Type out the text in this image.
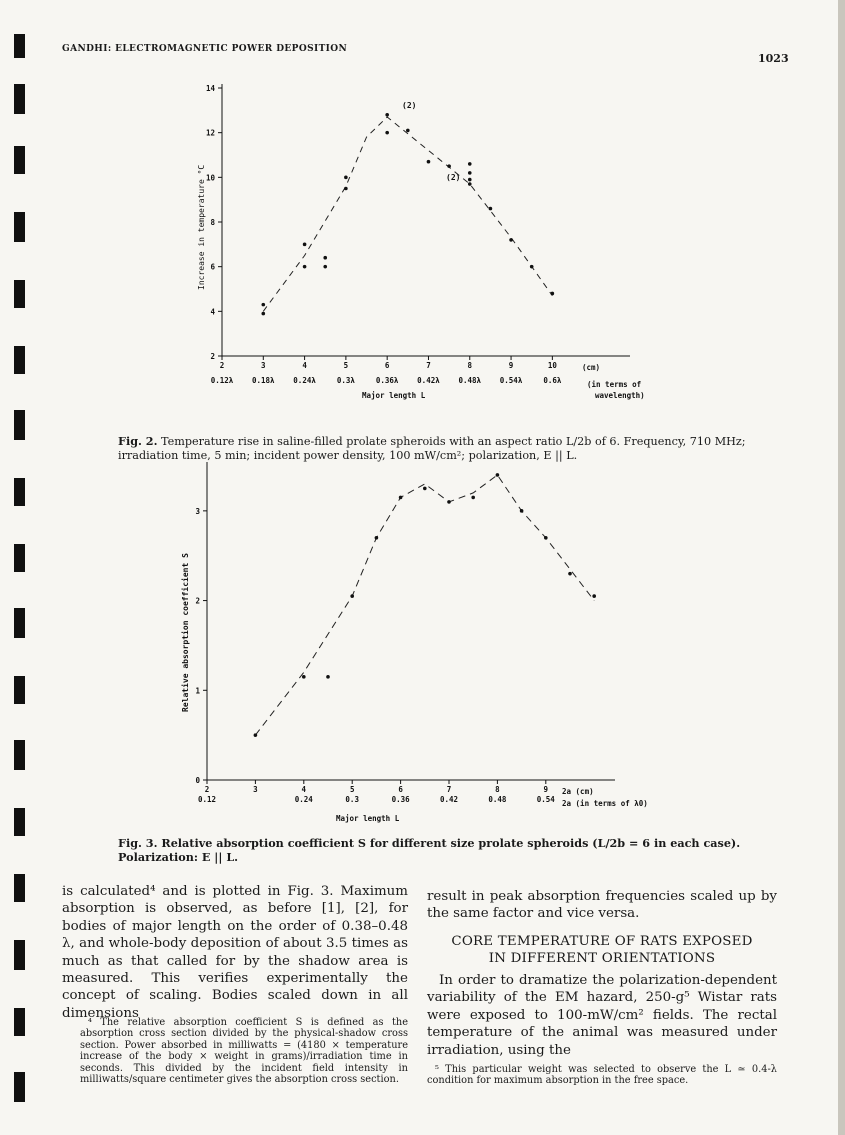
GANDHI: ELECTROMAGNETIC POWER DEPOSITION
1023
2
4
6
8
10
12
14
2	3	4	5	6	7	8	9	10
0.12λ 0.18λ 0.24λ	0.3λ	0.36λ 0.42λ 0.48λ 0.54λ	0.6λ
(2)
(2)
Increase in temperature °C
(cm)
(in terms of
wavelength)
Major length L
Fig. 2. Temperature rise in saline-filled prolate spheroids with an aspect ratio L/2b of 6. Frequency, 710 MHz; irradiation time, 5 min; incident power density, 100 mW/cm²; polarization, E || L.
0
1
2
3
2	3	4	5	6	7	8	9
0.12	0.24	0.3	0.36	0.42	0.48	0.54
Relative absorption coefficient S
2a (cm)
2a (in terms of λ0)
Major length L
Fig. 3. Relative absorption coefficient S for different size prolate spheroids (L/2b = 6 in each case). Polarization: E || L.
is calculated⁴ and is plotted in Fig. 3. Maximum absorption is observed, as before [1], [2], for bodies of major length on the order of 0.38–0.48 λ, and whole-body deposition of about 3.5 times as much as that called for by the shadow area is measured. This verifies experimentally the concept of scaling. Bodies scaled down in all dimensions
result in peak absorption frequencies scaled up by the same factor and vice versa.
CORE TEMPERATURE OF RATS EXPOSED
IN DIFFERENT ORIENTATIONS
In order to dramatize the polarization-dependent variability of the EM hazard, 250-g⁵ Wistar rats were exposed to 100-mW/cm² fields. The rectal temperature of the animal was measured under irradiation, using the
⁴ The relative absorption coefficient S is defined as the absorption cross section divided by the physical-shadow cross section. Power absorbed in milliwatts = (4180 × temperature increase of the body × weight in grams)/irradiation time in seconds. This divided by the incident field intensity in milliwatts/square centimeter gives the absorption cross section.
⁵ This particular weight was selected to observe the L ≃ 0.4-λ condition for maximum absorption in the free space.
